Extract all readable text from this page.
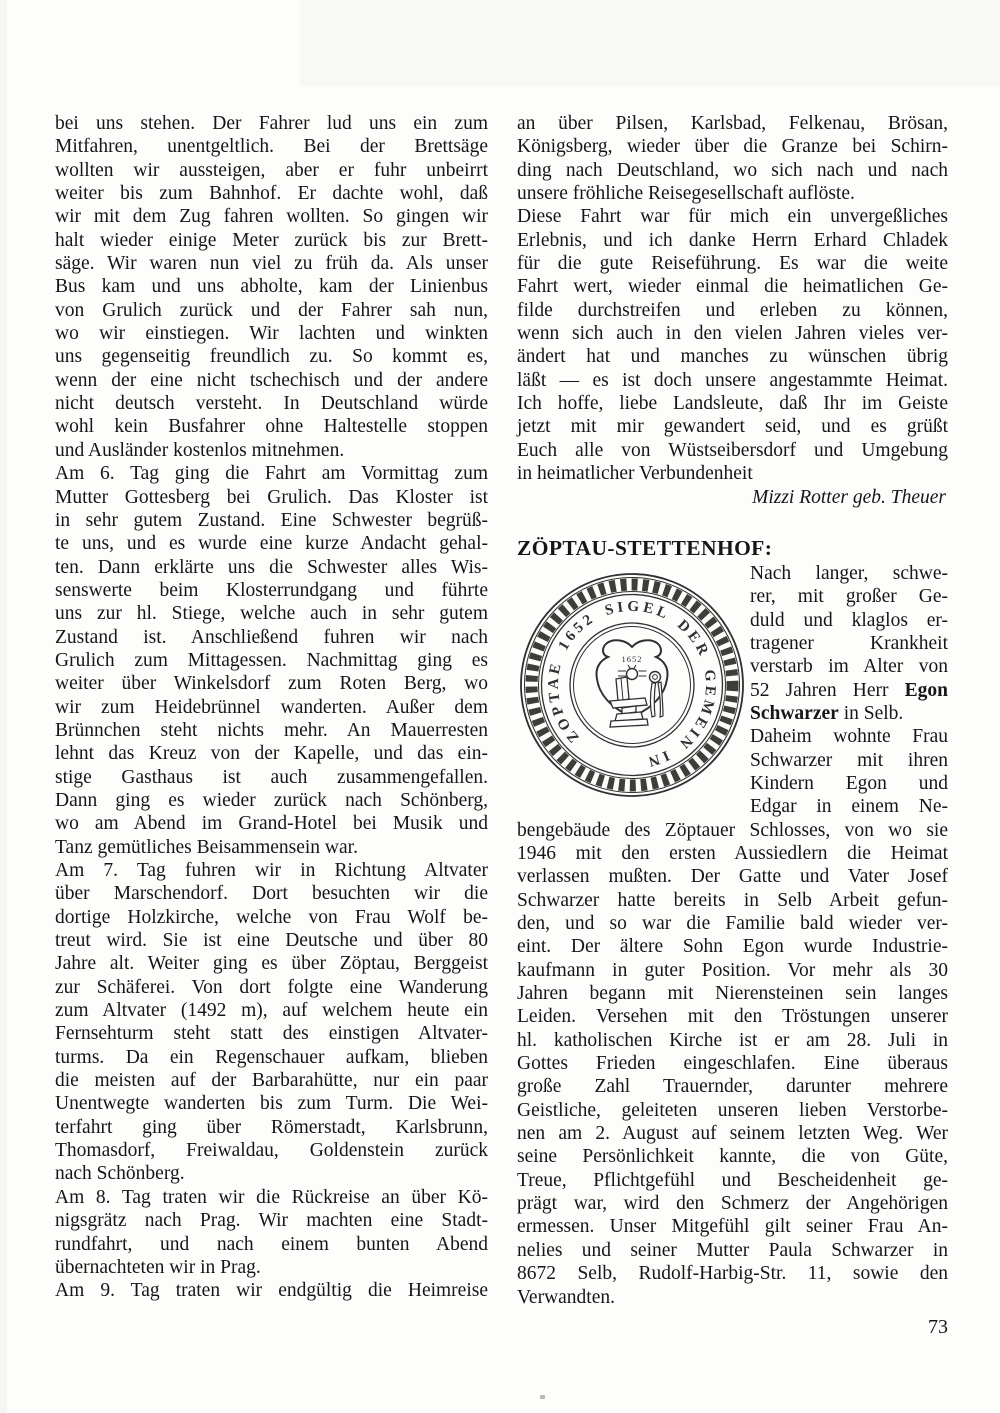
bei uns stehen. Der Fahrer lud uns ein zum
Mitfahren, unentgeltlich. Bei der Brettsäge
wollten wir aussteigen, aber er fuhr unbeirrt
weiter bis zum Bahnhof. Er dachte wohl, daß
wir mit dem Zug fahren wollten. So gingen wir
halt wieder einige Meter zurück bis zur Brett-
säge. Wir waren nun viel zu früh da. Als unser
Bus kam und uns abholte, kam der Linienbus
von Grulich zurück und der Fahrer sah nun,
wo wir einstiegen. Wir lachten und winkten
uns gegenseitig freundlich zu. So kommt es,
wenn der eine nicht tschechisch und der andere
nicht deutsch versteht. In Deutschland würde
wohl kein Busfahrer ohne Haltestelle stoppen
und Ausländer kostenlos mitnehmen.
Am 6. Tag ging die Fahrt am Vormittag zum
Mutter Gottesberg bei Grulich. Das Kloster ist
in sehr gutem Zustand. Eine Schwester begrüß-
te uns, und es wurde eine kurze Andacht gehal-
ten. Dann erklärte uns die Schwester alles Wis-
senswerte beim Klosterrundgang und führte
uns zur hl. Stiege, welche auch in sehr gutem
Zustand ist. Anschließend fuhren wir nach
Grulich zum Mittagessen. Nachmittag ging es
weiter über Winkelsdorf zum Roten Berg, wo
wir zum Heidebrünnel wanderten. Außer dem
Brünnchen steht nichts mehr. An Mauerresten
lehnt das Kreuz von der Kapelle, und das ein-
stige Gasthaus ist auch zusammengefallen.
Dann ging es wieder zurück nach Schönberg,
wo am Abend im Grand-Hotel bei Musik und
Tanz gemütliches Beisammensein war.
Am 7. Tag fuhren wir in Richtung Altvater
über Marschendorf. Dort besuchten wir die
dortige Holzkirche, welche von Frau Wolf be-
treut wird. Sie ist eine Deutsche und über 80
Jahre alt. Weiter ging es über Zöptau, Berggeist
zur Schäferei. Von dort folgte eine Wanderung
zum Altvater (1492 m), auf welchem heute ein
Fernsehturm steht statt des einstigen Altvater-
turms. Da ein Regenschauer aufkam, blieben
die meisten auf der Barbarahütte, nur ein paar
Unentwegte wanderten bis zum Turm. Die Wei-
terfahrt ging über Römerstadt, Karlsbrunn,
Thomasdorf, Freiwaldau, Goldenstein zurück
nach Schönberg.
Am 8. Tag traten wir die Rückreise an über Kö-
nigsgrätz nach Prag. Wir machten eine Stadt-
rundfahrt, und nach einem bunten Abend
übernachteten wir in Prag.
Am 9. Tag traten wir endgültig die Heimreise
an über Pilsen, Karlsbad, Felkenau, Brösan,
Königsberg, wieder über die Granze bei Schirn-
ding nach Deutschland, wo sich nach und nach
unsere fröhliche Reisegesellschaft auflöste.
Diese Fahrt war für mich ein unvergeßliches
Erlebnis, und ich danke Herrn Erhard Chladek
für die gute Reiseführung. Es war die weite
Fahrt wert, wieder einmal die heimatlichen Ge-
filde durchstreifen und erleben zu können,
wenn sich auch in den vielen Jahren vieles ver-
ändert hat und manches zu wünschen übrig
läßt — es ist doch unsere angestammte Heimat.
Ich hoffe, liebe Landsleute, daß Ihr im Geiste
jetzt mit mir gewandert seid, und es grüßt
Euch alle von Wüstseibersdorf und Umgebung
in heimatlicher Verbundenheit
Mizzi Rotter geb. Theuer
ZÖPTAU-STETTENHOF:
ZOPTAE 1652 SIGEL DER GEMEIN IN
1652
Nach langer, schwe-
rer, mit großer Ge-
duld und klaglos er-
tragener Krankheit
verstarb im Alter von
52 Jahren Herr Egon
Schwarzer in Selb.
Daheim wohnte Frau
Schwarzer mit ihren
Kindern Egon und
Edgar in einem Ne-
bengebäude des Zöptauer Schlosses, von wo sie
1946 mit den ersten Aussiedlern die Heimat
verlassen mußten. Der Gatte und Vater Josef
Schwarzer hatte bereits in Selb Arbeit gefun-
den, und so war die Familie bald wieder ver-
eint. Der ältere Sohn Egon wurde Industrie-
kaufmann in guter Position. Vor mehr als 30
Jahren begann mit Nierensteinen sein langes
Leiden. Versehen mit den Tröstungen unserer
hl. katholischen Kirche ist er am 28. Juli in
Gottes Frieden eingeschlafen. Eine überaus
große Zahl Trauernder, darunter mehrere
Geistliche, geleiteten unseren lieben Verstorbe-
nen am 2. August auf seinem letzten Weg. Wer
seine Persönlichkeit kannte, die von Güte,
Treue, Pflichtgefühl und Bescheidenheit ge-
prägt war, wird den Schmerz der Angehörigen
ermessen. Unser Mitgefühl gilt seiner Frau An-
nelies und seiner Mutter Paula Schwarzer in
8672 Selb, Rudolf-Harbig-Str. 11, sowie den
Verwandten.
73
